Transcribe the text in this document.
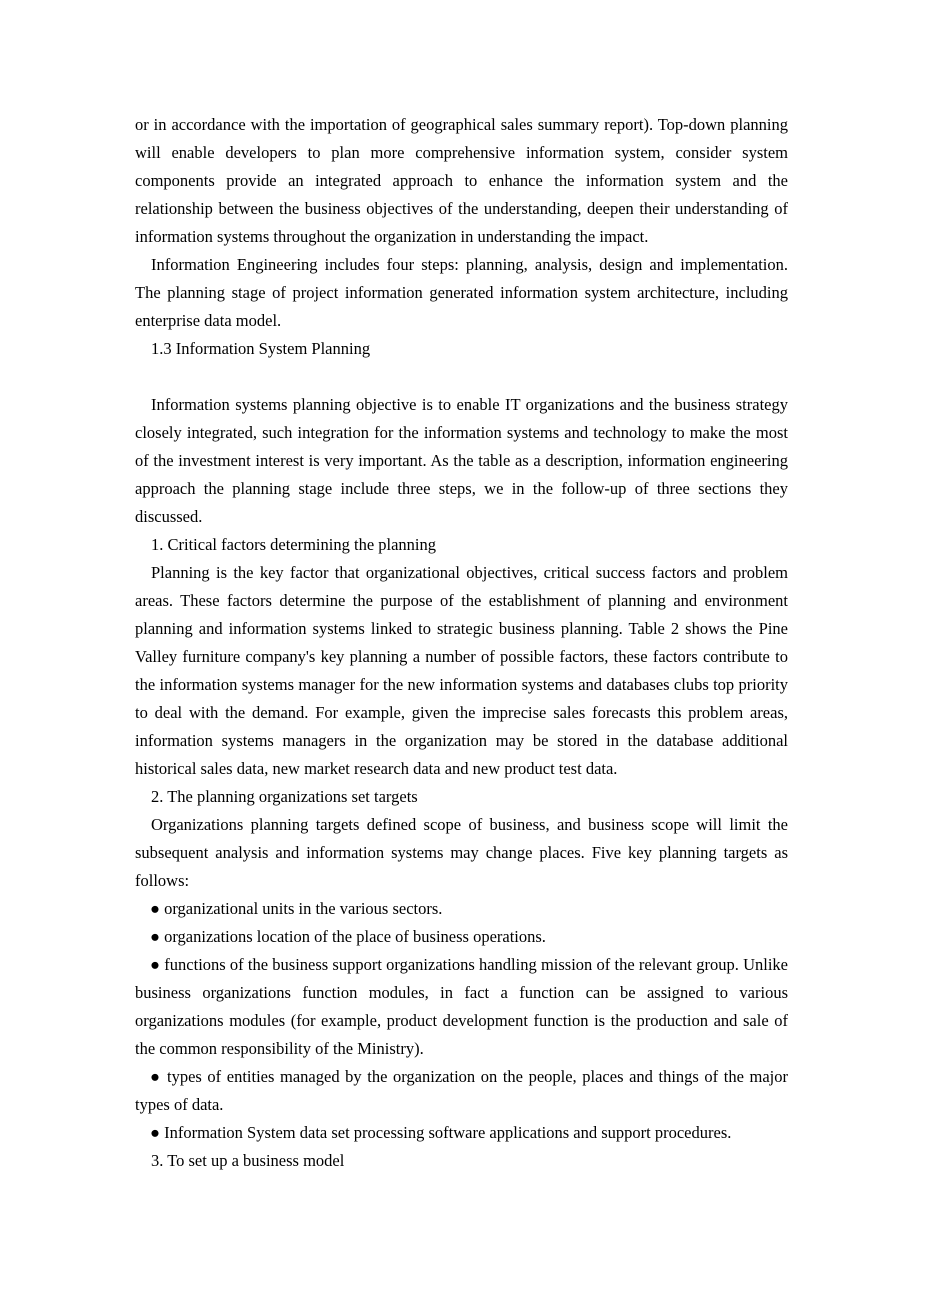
or in accordance with the importation of geographical sales summary report). Top-down planning will enable developers to plan more comprehensive information system, consider system components provide an integrated approach to enhance the information system and the relationship between the business objectives of the understanding, deepen their understanding of information systems throughout the organization in understanding the impact.

Information Engineering includes four steps: planning, analysis, design and implementation. The planning stage of project information generated information system architecture, including enterprise data model.

1.3 Information System Planning

Information systems planning objective is to enable IT organizations and the business strategy closely integrated, such integration for the information systems and technology to make the most of the investment interest is very important. As the table as a description, information engineering approach the planning stage include three steps, we in the follow-up of three sections they discussed.

1. Critical factors determining the planning

Planning is the key factor that organizational objectives, critical success factors and problem areas. These factors determine the purpose of the establishment of planning and environment planning and information systems linked to strategic business planning. Table 2 shows the Pine Valley furniture company's key planning a number of possible factors, these factors contribute to the information systems manager for the new information systems and databases clubs top priority to deal with the demand. For example, given the imprecise sales forecasts this problem areas, information systems managers in the organization may be stored in the database additional historical sales data, new market research data and new product test data.

2. The planning organizations set targets

Organizations planning targets defined scope of business, and business scope will limit the subsequent analysis and information systems may change places. Five key planning targets as follows:

● organizational units in the various sectors.

● organizations location of the place of business operations.

● functions of the business support organizations handling mission of the relevant group. Unlike business organizations function modules, in fact a function can be assigned to various organizations modules (for example, product development function is the production and sale of the common responsibility of the Ministry).

● types of entities managed by the organization on the people, places and things of the major types of data.

● Information System data set processing software applications and support procedures.

3. To set up a business model
